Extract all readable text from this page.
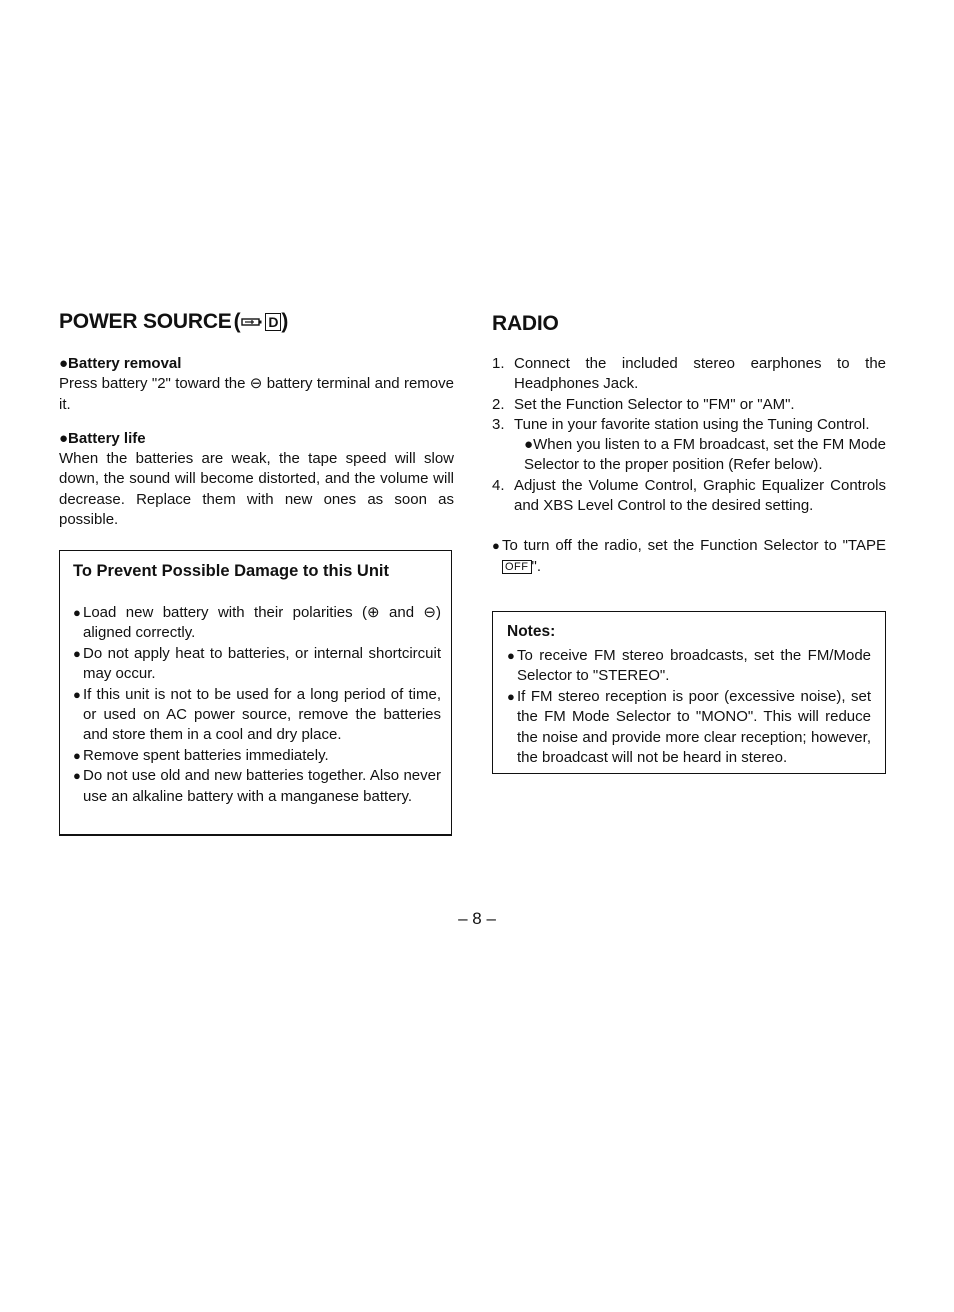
POWER SOURCE ( D )
●Battery removal

Press battery "2" toward the ⊖ battery terminal and remove it.

●Battery life

When the batteries are weak, the tape speed will slow down, the sound will become distorted, and the volume will decrease. Replace them with new ones as soon as possible.

To Prevent Possible Damage to this Unit
● Load new battery with their polarities (⊕ and ⊖) aligned correctly.
● Do not apply heat to batteries, or internal shortcircuit may occur.
● If this unit is not to be used for a long period of time, or used on AC power source, remove the batteries and store them in a cool and dry place.
● Remove spent batteries immediately.
● Do not use old and new batteries together. Also never use an alkaline battery with a manganese battery.
RADIO
1. Connect the included stereo earphones to the Headphones Jack.
2. Set the Function Selector to "FM" or "AM".
3. Tune in your favorite station using the Tuning Control.
●When you listen to a FM broadcast, set the FM Mode Selector to the proper position (Refer below).
4. Adjust the Volume Control, Graphic Equalizer Controls and XBS Level Control to the desired setting.
● To turn off the radio, set the Function Selector to "TAPE OFF ".
Notes:
● To receive FM stereo broadcasts, set the FM/Mode Selector to "STEREO".
● If FM stereo reception is poor (excessive noise), set the FM Mode Selector to "MONO". This will reduce the noise and provide more clear reception; however, the broadcast will not be heard in stereo.
– 8 –
